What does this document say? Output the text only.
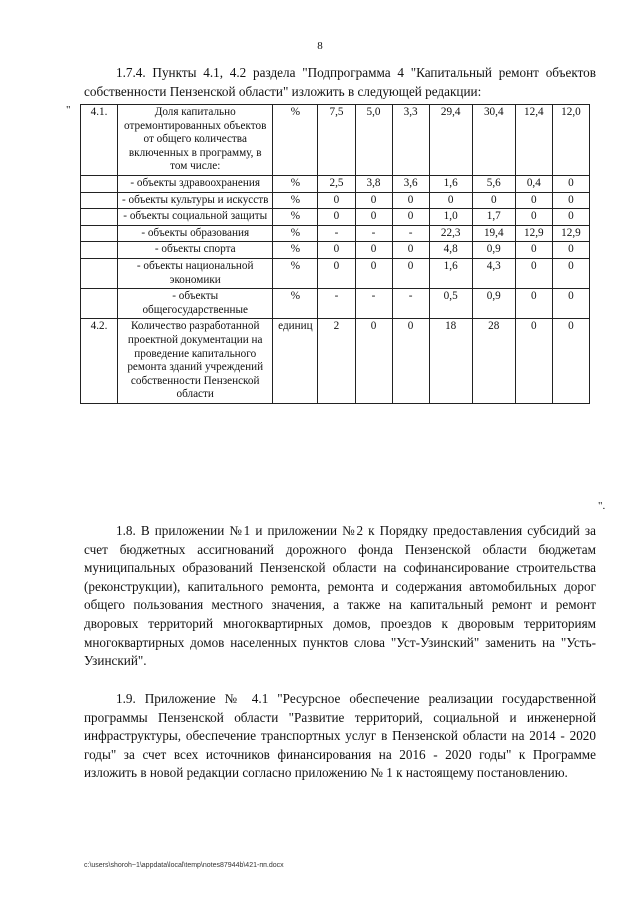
8
1.7.4. Пункты 4.1, 4.2 раздела "Подпрограмма 4 "Капитальный ремонт объектов собственности Пензенской области" изложить в следующей редакции:
" 4.1.	Доля капитально отремонтированных объектов от общего количества включенных в программу, в том числе:	%	7,5	5,0	3,3	29,4	30,4	12,4	12,0
	- объекты здравоохранения	%	2,5	3,8	3,6	1,6	5,6	0,4	0
	- объекты культуры и искусств	%	0	0	0	0	0	0	0
	- объекты социальной защиты	%	0	0	0	1,0	1,7	0	0
	- объекты образования	%	-	-	-	22,3	19,4	12,9	12,9
	- объекты спорта	%	0	0	0	4,8	0,9	0	0
	- объекты национальной экономики	%	0	0	0	1,6	4,3	0	0
	- объекты общегосударственные	%	-	-	-	0,5	0,9	0	0
4.2.	Количество разработанной проектной документации на проведение капитального ремонта зданий учреждений собственности Пензенской области	единиц	2	0	0	18	28	0	0
".
1.8. В приложении №1 и приложении №2 к Порядку предоставления субсидий за счет бюджетных ассигнований дорожного фонда Пензенской области бюджетам муниципальных образований Пензенской области на софинансирование строительства (реконструкции), капитального ремонта, ремонта и содержания автомобильных дорог общего пользования местного значения, а также на капитальный ремонт и ремонт дворовых территорий многоквартирных домов, проездов к дворовым территориям многоквартирных домов населенных пунктов слова "Уст-Узинский" заменить на "Усть-Узинский".
1.9. Приложение № 4.1 "Ресурсное обеспечение реализации государственной программы Пензенской области "Развитие территорий, социальной и инженерной инфраструктуры, обеспечение транспортных услуг в Пензенской области на 2014 - 2020 годы" за счет всех источников финансирования на 2016 - 2020 годы" к Программе изложить в новой редакции согласно приложению № 1 к настоящему постановлению.
c:\users\shoroh~1\appdata\local\temp\notes87944b\421-пп.docx
